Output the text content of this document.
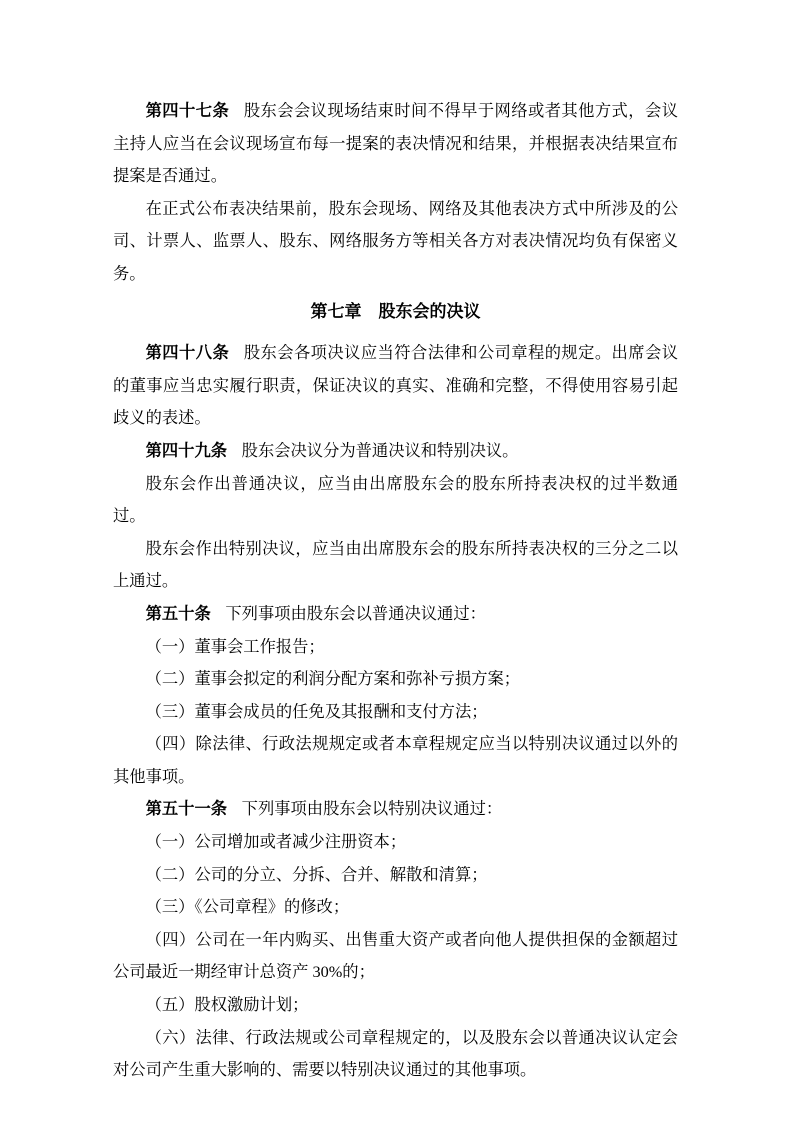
第四十七条 股东会会议现场结束时间不得早于网络或者其他方式，会议主持人应当在会议现场宣布每一提案的表决情况和结果，并根据表决结果宣布提案是否通过。

在正式公布表决结果前，股东会现场、网络及其他表决方式中所涉及的公司、计票人、监票人、股东、网络服务方等相关各方对表决情况均负有保密义务。

第七章　股东会的决议

第四十八条 股东会各项决议应当符合法律和公司章程的规定。出席会议的董事应当忠实履行职责，保证决议的真实、准确和完整，不得使用容易引起歧义的表述。

第四十九条 股东会决议分为普通决议和特别决议。

股东会作出普通决议，应当由出席股东会的股东所持表决权的过半数通过。

股东会作出特别决议，应当由出席股东会的股东所持表决权的三分之二以上通过。

第五十条 下列事项由股东会以普通决议通过：

（一）董事会工作报告；

（二）董事会拟定的利润分配方案和弥补亏损方案；

（三）董事会成员的任免及其报酬和支付方法；

（四）除法律、行政法规规定或者本章程规定应当以特别决议通过以外的其他事项。

第五十一条 下列事项由股东会以特别决议通过：

（一）公司增加或者减少注册资本；

（二）公司的分立、分拆、合并、解散和清算；

（三）《公司章程》的修改；

（四）公司在一年内购买、出售重大资产或者向他人提供担保的金额超过公司最近一期经审计总资产 30%的；

（五）股权激励计划；

（六）法律、行政法规或公司章程规定的，以及股东会以普通决议认定会对公司产生重大影响的、需要以特别决议通过的其他事项。
